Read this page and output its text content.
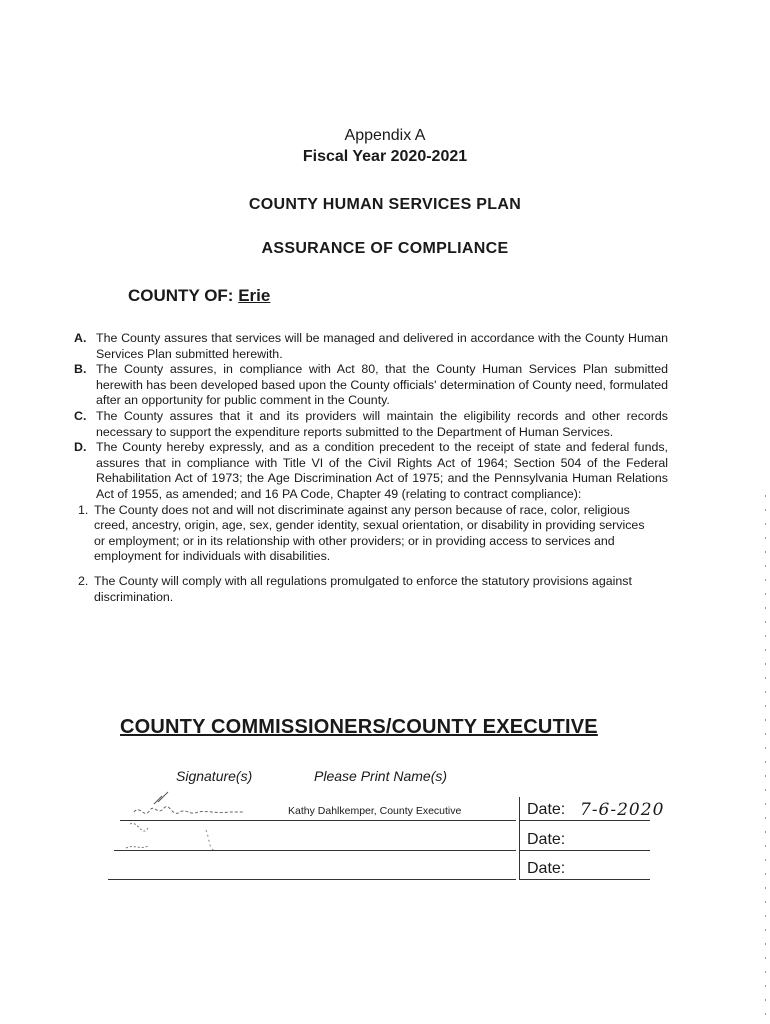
Appendix A
Fiscal Year 2020-2021
COUNTY HUMAN SERVICES PLAN
ASSURANCE OF COMPLIANCE
COUNTY OF: Erie
A. The County assures that services will be managed and delivered in accordance with the County Human Services Plan submitted herewith.
B. The County assures, in compliance with Act 80, that the County Human Services Plan submitted herewith has been developed based upon the County officials' determination of County need, formulated after an opportunity for public comment in the County.
C. The County assures that it and its providers will maintain the eligibility records and other records necessary to support the expenditure reports submitted to the Department of Human Services.
D. The County hereby expressly, and as a condition precedent to the receipt of state and federal funds, assures that in compliance with Title VI of the Civil Rights Act of 1964; Section 504 of the Federal Rehabilitation Act of 1973; the Age Discrimination Act of 1975; and the Pennsylvania Human Relations Act of 1955, as amended; and 16 PA Code, Chapter 49 (relating to contract compliance):
1. The County does not and will not discriminate against any person because of race, color, religious creed, ancestry, origin, age, sex, gender identity, sexual orientation, or disability in providing services or employment; or in its relationship with other providers; or in providing access to services and employment for individuals with disabilities.
2. The County will comply with all regulations promulgated to enforce the statutory provisions against discrimination.
COUNTY COMMISSIONERS/COUNTY EXECUTIVE
Signature(s)	Please Print Name(s)
Kathy Dahlkemper, County Executive	Date: 7-6-2020
Date:
Date:
